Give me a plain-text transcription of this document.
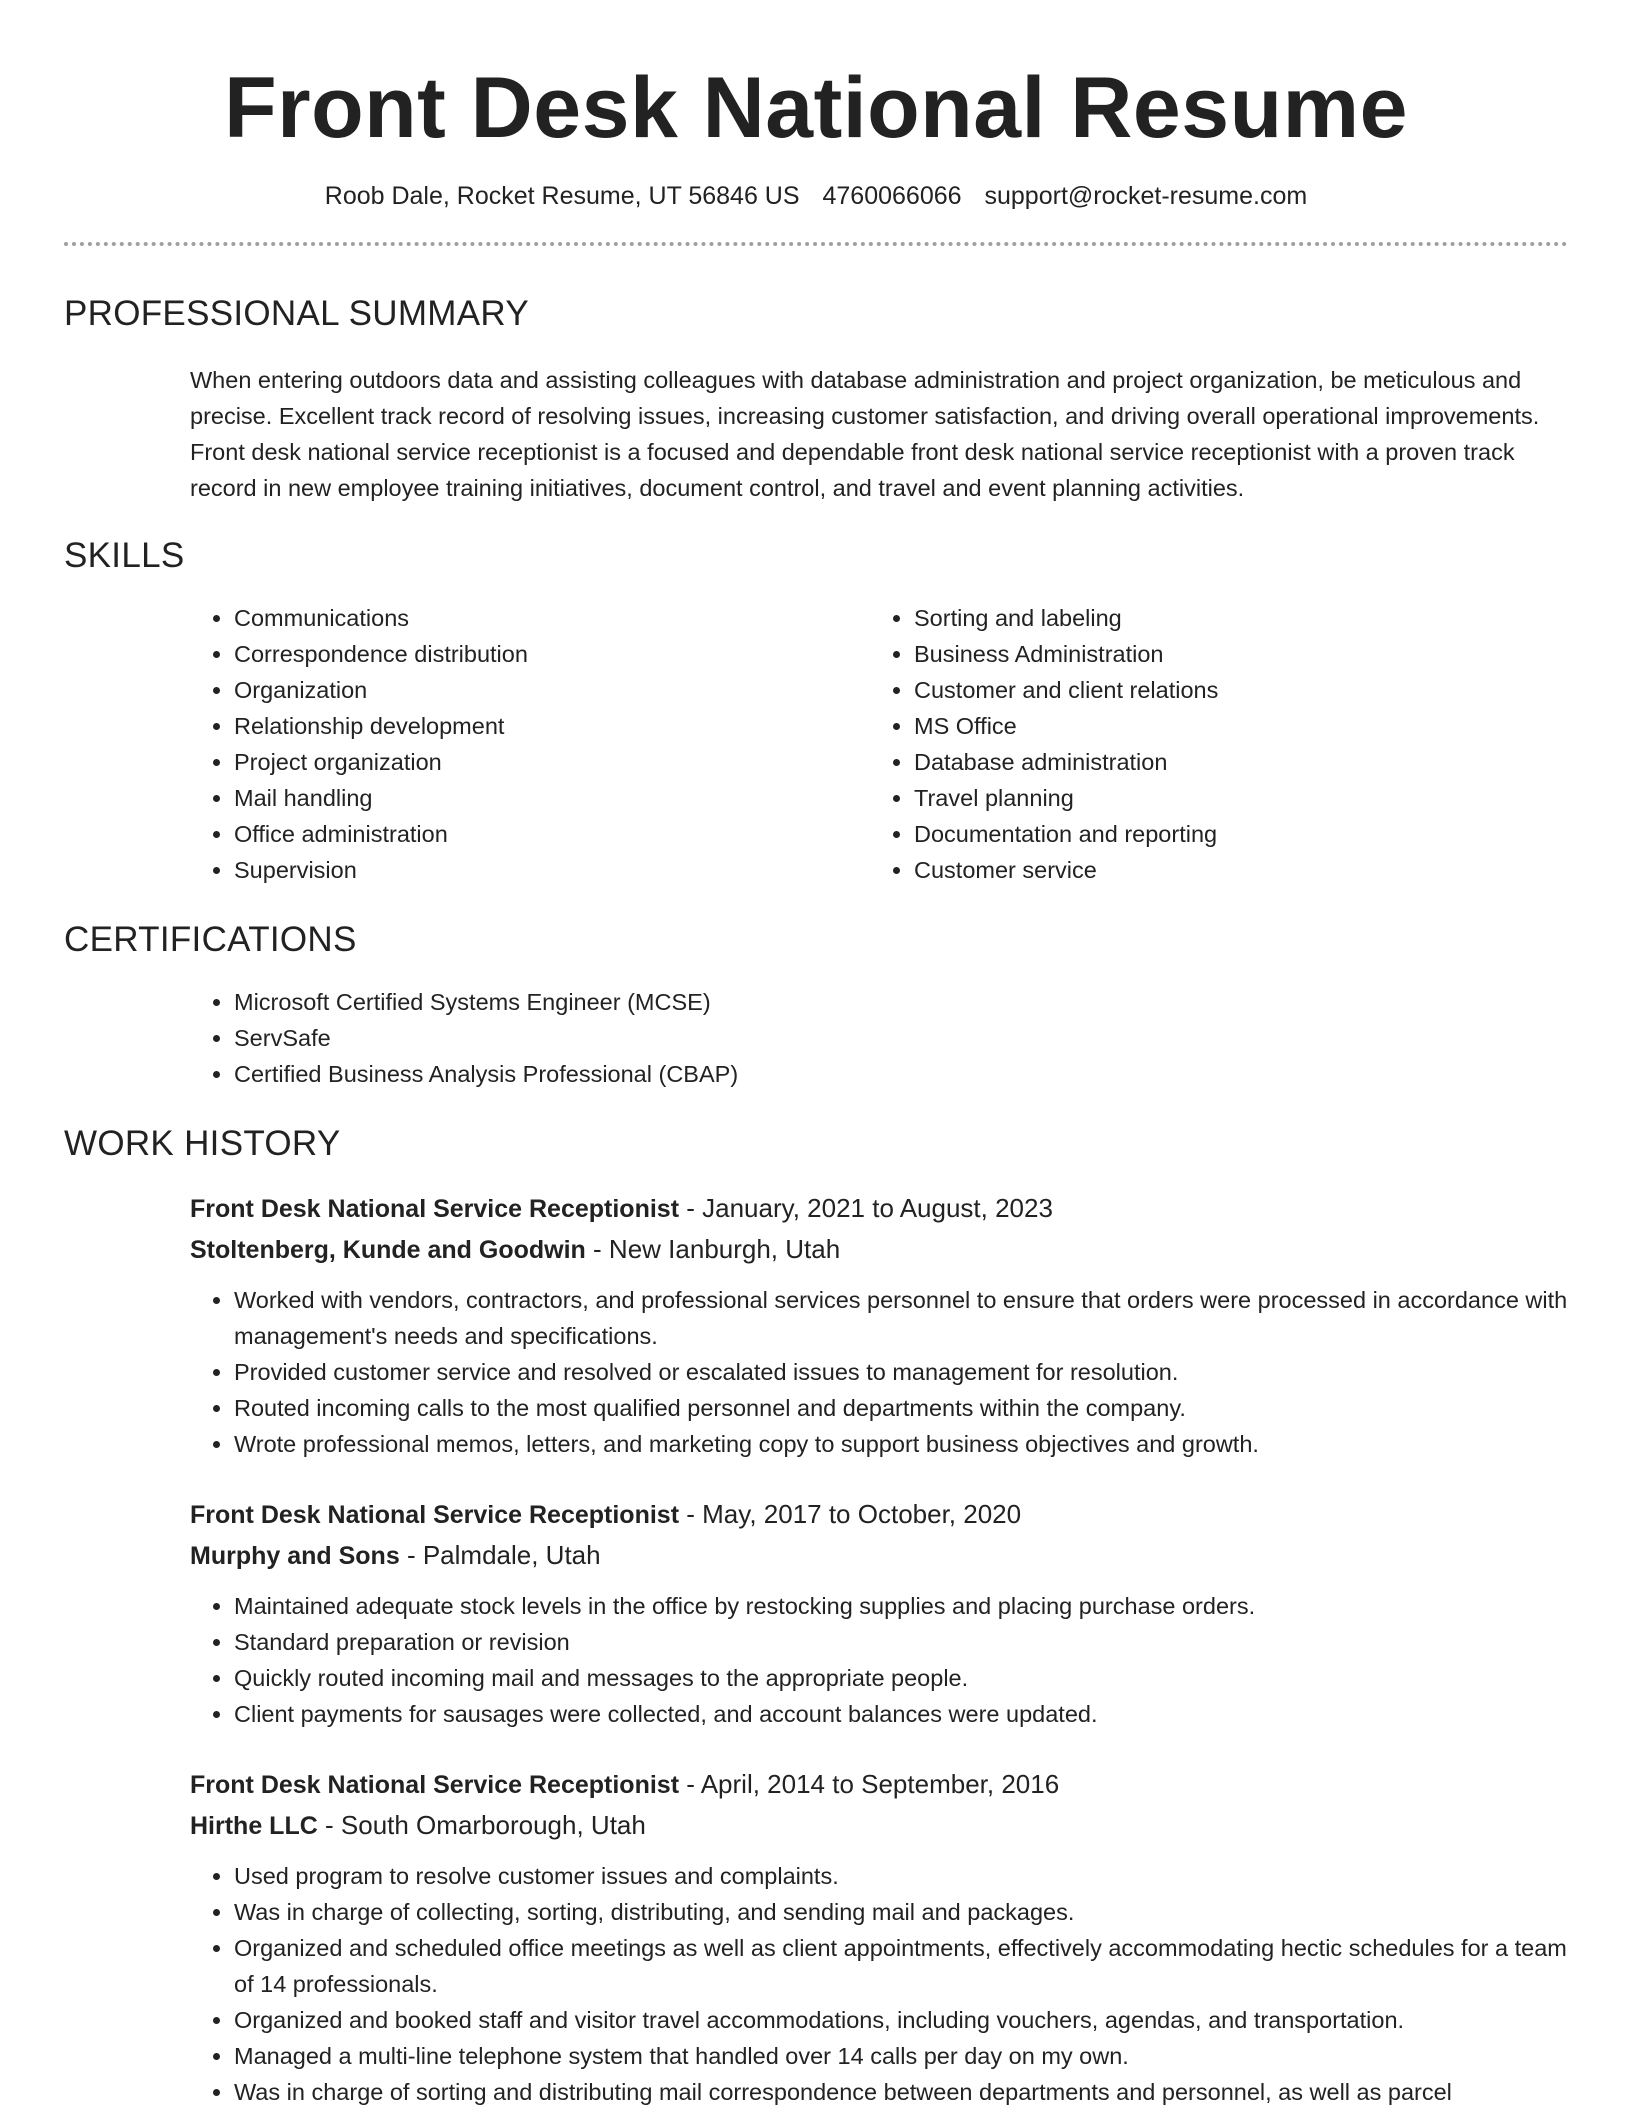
Front Desk National Resume
Roob Dale, Rocket Resume, UT 56846 US 4760066066 support@rocket-resume.com
PROFESSIONAL SUMMARY

When entering outdoors data and assisting colleagues with database administration and project organization, be meticulous and precise. Excellent track record of resolving issues, increasing customer satisfaction, and driving overall operational improvements. Front desk national service receptionist is a focused and dependable front desk national service receptionist with a proven track record in new employee training initiatives, document control, and travel and event planning activities.

SKILLS
• Communications
• Correspondence distribution
• Organization
• Relationship development
• Project organization
• Mail handling
• Office administration
• Supervision
• Sorting and labeling
• Business Administration
• Customer and client relations
• MS Office
• Database administration
• Travel planning
• Documentation and reporting
• Customer service
CERTIFICATIONS
• Microsoft Certified Systems Engineer (MCSE)
• ServSafe
• Certified Business Analysis Professional (CBAP)
WORK HISTORY
Front Desk National Service Receptionist - January, 2021 to August, 2023
Stoltenberg, Kunde and Goodwin - New Ianburgh, Utah
• Worked with vendors, contractors, and professional services personnel to ensure that orders were processed in accordance with management's needs and specifications.
• Provided customer service and resolved or escalated issues to management for resolution.
• Routed incoming calls to the most qualified personnel and departments within the company.
• Wrote professional memos, letters, and marketing copy to support business objectives and growth.
Front Desk National Service Receptionist - May, 2017 to October, 2020
Murphy and Sons - Palmdale, Utah
• Maintained adequate stock levels in the office by restocking supplies and placing purchase orders.
• Standard preparation or revision
• Quickly routed incoming mail and messages to the appropriate people.
• Client payments for sausages were collected, and account balances were updated.
Front Desk National Service Receptionist - April, 2014 to September, 2016
Hirthe LLC - South Omarborough, Utah
• Used program to resolve customer issues and complaints.
• Was in charge of collecting, sorting, distributing, and sending mail and packages.
• Organized and scheduled office meetings as well as client appointments, effectively accommodating hectic schedules for a team of 14 professionals.
• Organized and booked staff and visitor travel accommodations, including vouchers, agendas, and transportation.
• Managed a multi-line telephone system that handled over 14 calls per day on my own.
• Was in charge of sorting and distributing mail correspondence between departments and personnel, as well as parcel
